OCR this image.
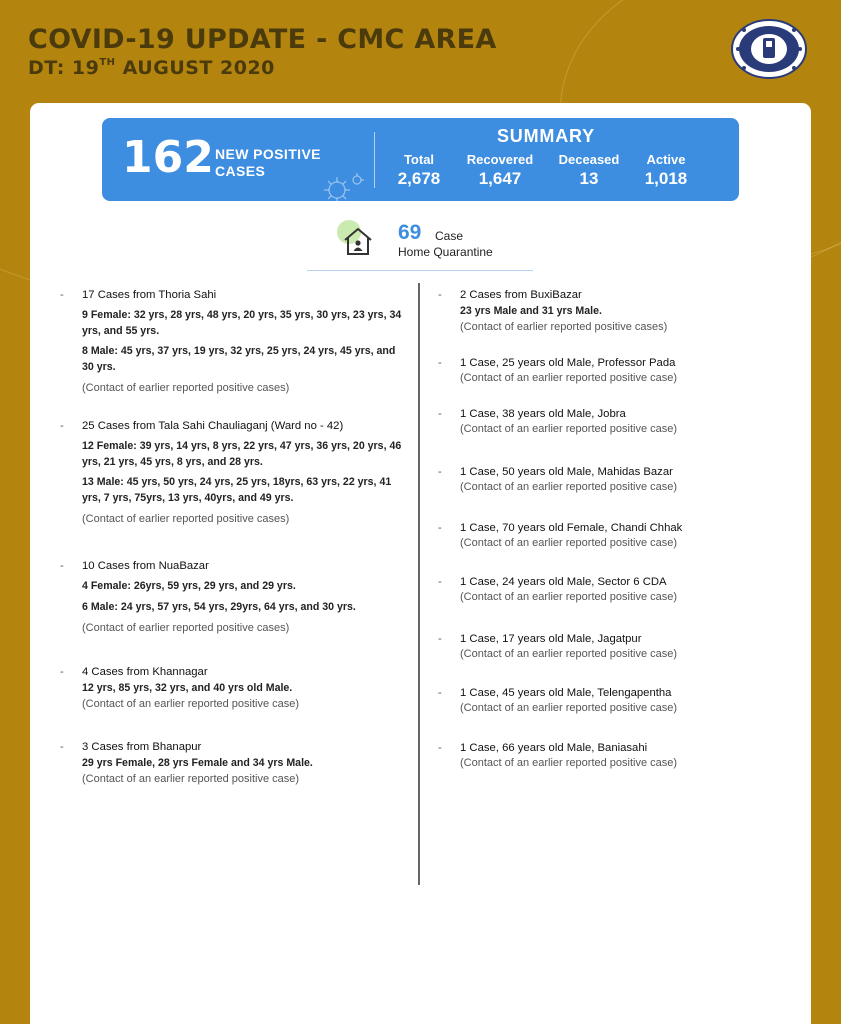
COVID-19 UPDATE - CMC AREA
DT: 19TH AUGUST 2020
162 NEW POSITIVE CASES
SUMMARY
Total
2,678
Recovered
1,647
Deceased
13
Active
1,018
69 Case
Home Quarantine
-	17 Cases from Thoria Sahi
9 Female: 32 yrs, 28 yrs, 48 yrs, 20 yrs, 35 yrs, 30 yrs, 23 yrs, 34 yrs, and 55 yrs.
8 Male: 45 yrs, 37 yrs, 19 yrs, 32 yrs, 25 yrs, 24 yrs, 45 yrs, and 30 yrs.
(Contact of earlier reported positive cases)
-	25 Cases from Tala Sahi Chauliaganj (Ward no - 42)
12 Female: 39 yrs, 14 yrs, 8 yrs, 22 yrs, 47 yrs, 36 yrs, 20 yrs, 46 yrs, 21 yrs, 45 yrs, 8 yrs, and 28 yrs.
13 Male: 45 yrs, 50 yrs, 24 yrs, 25 yrs, 18yrs, 63 yrs, 22 yrs, 41 yrs, 7 yrs, 75yrs, 13 yrs, 40yrs, and 49 yrs.
(Contact of earlier reported positive cases)
-	10 Cases from NuaBazar
4 Female: 26yrs, 59 yrs, 29 yrs, and 29 yrs.
6 Male: 24 yrs, 57 yrs, 54 yrs, 29yrs, 64 yrs, and 30 yrs.
(Contact of earlier reported positive cases)
-	4 Cases from Khannagar
12 yrs, 85 yrs, 32 yrs, and 40 yrs old Male.
(Contact of an earlier reported positive case)
-	3 Cases from Bhanapur
29 yrs Female, 28 yrs Female and 34 yrs Male.
(Contact of an earlier reported positive case)
-	2 Cases from BuxiBazar
23 yrs Male and 31 yrs Male.
(Contact of earlier reported positive cases)
-	1 Case, 25 years old Male, Professor Pada
(Contact of an earlier reported positive case)
-	1 Case, 38 years old Male, Jobra
(Contact of an earlier reported positive case)
-	1 Case, 50 years old Male, Mahidas Bazar
(Contact of an earlier reported positive case)
-	1 Case, 70 years old Female, Chandi Chhak
(Contact of an earlier reported positive case)
-	1 Case, 24 years old Male, Sector 6 CDA
(Contact of an earlier reported positive case)
-	1 Case, 17 years old Male, Jagatpur
(Contact of an earlier reported positive case)
-	1 Case, 45 years old Male, Telengapentha
(Contact of an earlier reported positive case)
-	1 Case, 66 years old Male, Baniasahi
(Contact of an earlier reported positive case)
